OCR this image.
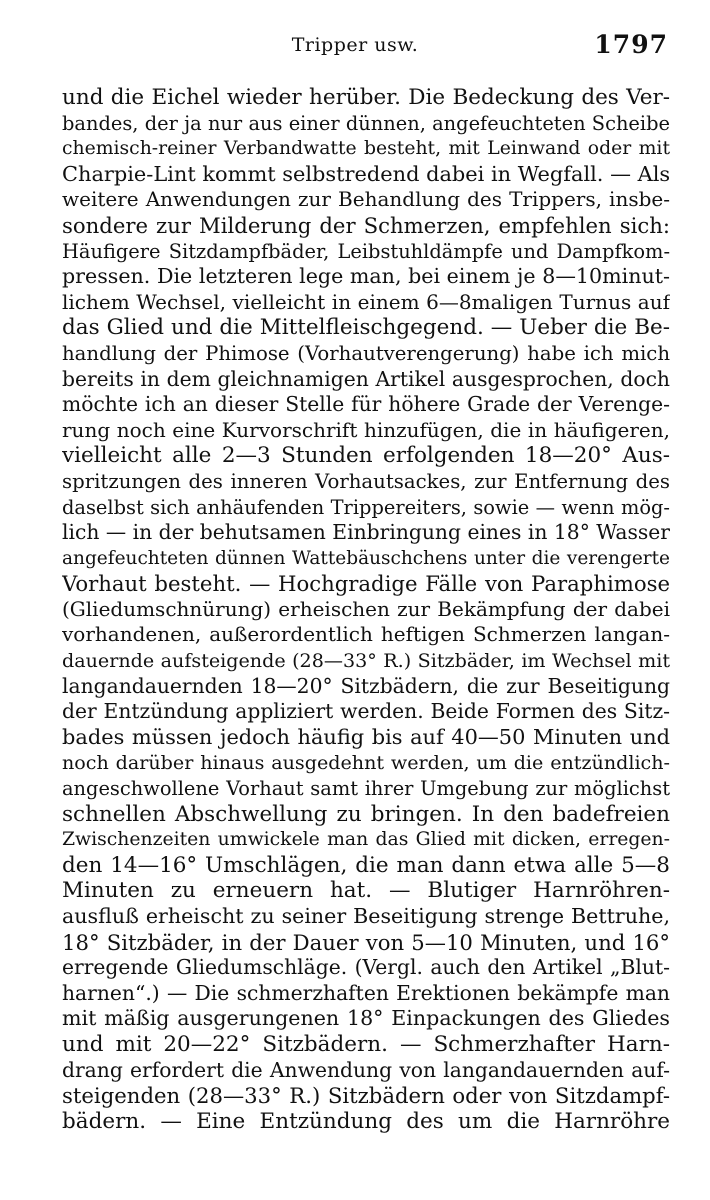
Tripper usw.	1797
und die Eichel wieder herüber. Die Bedeckung des Ver-
bandes, der ja nur aus einer dünnen, angefeuchteten Scheibe
chemisch-reiner Verbandwatte besteht, mit Leinwand oder mit
Charpie-Lint kommt selbstredend dabei in Wegfall. — Als
weitere Anwendungen zur Behandlung des Trippers, insbe-
sondere zur Milderung der Schmerzen, empfehlen sich:
Häufigere Sitzdampfbäder, Leibstuhldämpfe und Dampfkom-
pressen. Die letzteren lege man, bei einem je 8—10minut-
lichem Wechsel, vielleicht in einem 6—8maligen Turnus auf
das Glied und die Mittelfleischgegend. — Ueber die Be-
handlung der Phimose (Vorhautverengerung) habe ich mich
bereits in dem gleichnamigen Artikel ausgesprochen, doch
möchte ich an dieser Stelle für höhere Grade der Verenge-
rung noch eine Kurvorschrift hinzufügen, die in häufigeren,
vielleicht alle 2—3 Stunden erfolgenden 18—20° Aus-
spritzungen des inneren Vorhautsackes, zur Entfernung des
daselbst sich anhäufenden Trippereiters, sowie — wenn mög-
lich — in der behutsamen Einbringung eines in 18° Wasser
angefeuchteten dünnen Wattebäuschchens unter die verengerte
Vorhaut besteht. — Hochgradige Fälle von Paraphimose
(Gliedumschnürung) erheischen zur Bekämpfung der dabei
vorhandenen, außerordentlich heftigen Schmerzen langan-
dauernde aufsteigende (28—33° R.) Sitzbäder, im Wechsel mit
langandauernden 18—20° Sitzbädern, die zur Beseitigung
der Entzündung appliziert werden. Beide Formen des Sitz-
bades müssen jedoch häufig bis auf 40—50 Minuten und
noch darüber hinaus ausgedehnt werden, um die entzündlich-
angeschwollene Vorhaut samt ihrer Umgebung zur möglichst
schnellen Abschwellung zu bringen. In den badefreien
Zwischenzeiten umwickele man das Glied mit dicken, erregen-
den 14—16° Umschlägen, die man dann etwa alle 5—8
Minuten zu erneuern hat. — Blutiger Harnröhren-
ausfluß erheischt zu seiner Beseitigung strenge Bettruhe,
18° Sitzbäder, in der Dauer von 5—10 Minuten, und 16°
erregende Gliedumschläge. (Vergl. auch den Artikel „Blut-
harnen“.) — Die schmerzhaften Erektionen bekämpfe man
mit mäßig ausgerungenen 18° Einpackungen des Gliedes
und mit 20—22° Sitzbädern. — Schmerzhafter Harn-
drang erfordert die Anwendung von langandauernden auf-
steigenden (28—33° R.) Sitzbädern oder von Sitzdampf-
bädern. — Eine Entzündung des um die Harnröhre
